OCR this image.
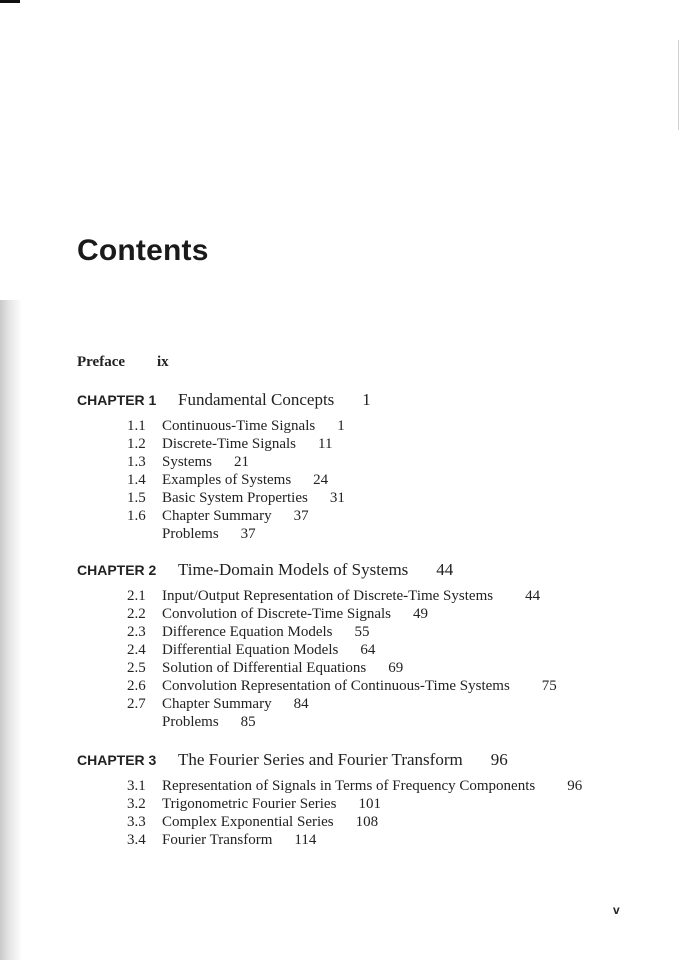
Contents
Preface ix
CHAPTER 1 Fundamental Concepts 1
1.1 Continuous-Time Signals 1
1.2 Discrete-Time Signals 11
1.3 Systems 21
1.4 Examples of Systems 24
1.5 Basic System Properties 31
1.6 Chapter Summary 37
Problems 37
CHAPTER 2 Time-Domain Models of Systems 44
2.1 Input/Output Representation of Discrete-Time Systems 44
2.2 Convolution of Discrete-Time Signals 49
2.3 Difference Equation Models 55
2.4 Differential Equation Models 64
2.5 Solution of Differential Equations 69
2.6 Convolution Representation of Continuous-Time Systems 75
2.7 Chapter Summary 84
Problems 85
CHAPTER 3 The Fourier Series and Fourier Transform 96
3.1 Representation of Signals in Terms of Frequency Components 96
3.2 Trigonometric Fourier Series 101
3.3 Complex Exponential Series 108
3.4 Fourier Transform 114
v
